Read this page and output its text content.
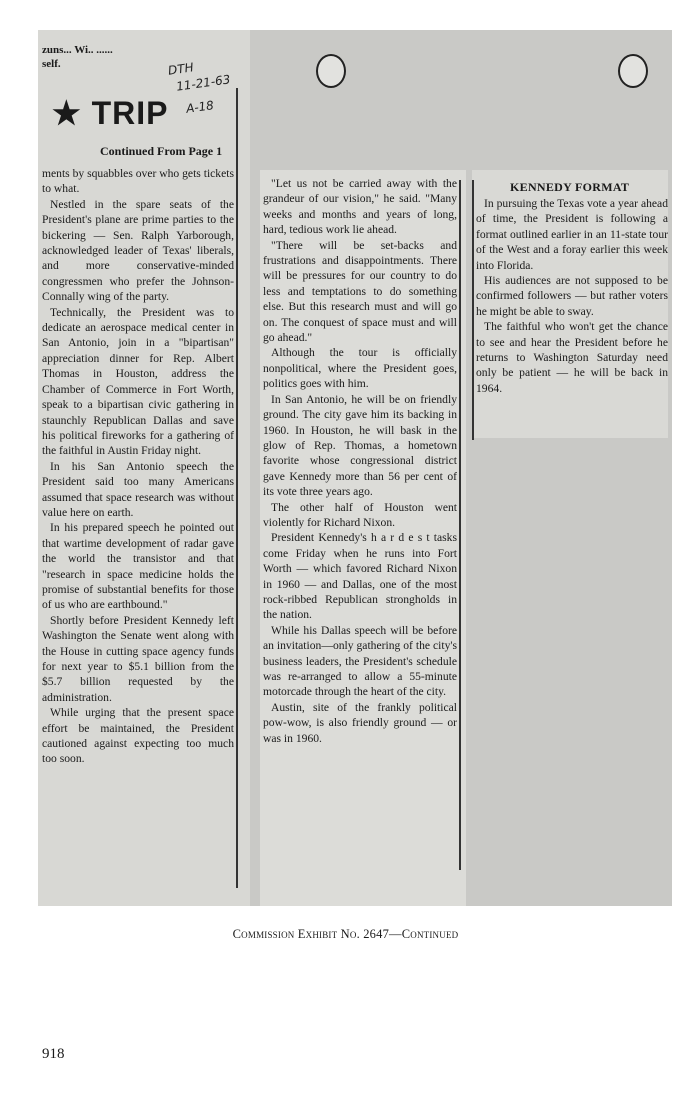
zuns... Wi.. ......
self.	DTH
11-21-63
A-18
★ TRIP
Continued From Page 1

ments by squabbles over who gets tickets to what.

Nestled in the spare seats of the President's plane are prime parties to the bickering — Sen. Ralph Yarborough, acknowledged leader of Texas' liberals, and more conservative-minded congressmen who prefer the Johnson-Connally wing of the party.

Technically, the President was to dedicate an aerospace medical center in San Antonio, join in a "bipartisan" appreciation dinner for Rep. Albert Thomas in Houston, address the Chamber of Commerce in Fort Worth, speak to a bipartisan civic gathering in staunchly Republican Dallas and save his political fireworks for a gathering of the faithful in Austin Friday night.

In his San Antonio speech the President said too many Americans assumed that space research was without value here on earth.

In his prepared speech he pointed out that wartime development of radar gave the world the transistor and that "research in space medicine holds the promise of substantial benefits for those of us who are earthbound."

Shortly before President Kennedy left Washington the Senate went along with the House in cutting space agency funds for next year to $5.1 billion from the $5.7 billion requested by the administration.

While urging that the present space effort be maintained, the President cautioned against expecting too much too soon.

"Let us not be carried away with the grandeur of our vision," he said. "Many weeks and months and years of long, hard, tedious work lie ahead.

"There will be set-backs and frustrations and disappointments. There will be pressures for our country to do less and temptations to do something else. But this research must and will go on. The conquest of space must and will go ahead."

Although the tour is officially nonpolitical, where the President goes, politics goes with him.

In San Antonio, he will be on friendly ground. The city gave him its backing in 1960. In Houston, he will bask in the glow of Rep. Thomas, a hometown favorite whose congressional district gave Kennedy more than 56 per cent of its vote three years ago.

The other half of Houston went violently for Richard Nixon.

President Kennedy's h a r d e s t tasks come Friday when he runs into Fort Worth — which favored Richard Nixon in 1960 — and Dallas, one of the most rock-ribbed Republican strongholds in the nation.

While his Dallas speech will be before an invitation—only gathering of the city's business leaders, the President's schedule was re-arranged to allow a 55-minute motorcade through the heart of the city.

Austin, site of the frankly political pow-wow, is also friendly ground — or was in 1960.

KENNEDY FORMAT

In pursuing the Texas vote a year ahead of time, the President is following a format outlined earlier in an 11-state tour of the West and a foray earlier this week into Florida.

His audiences are not supposed to be confirmed followers — but rather voters he might be able to sway.

The faithful who won't get the chance to see and hear the President before he returns to Washington Saturday need only be patient — he will be back in 1964.

Commission Exhibit No. 2647—Continued
918
